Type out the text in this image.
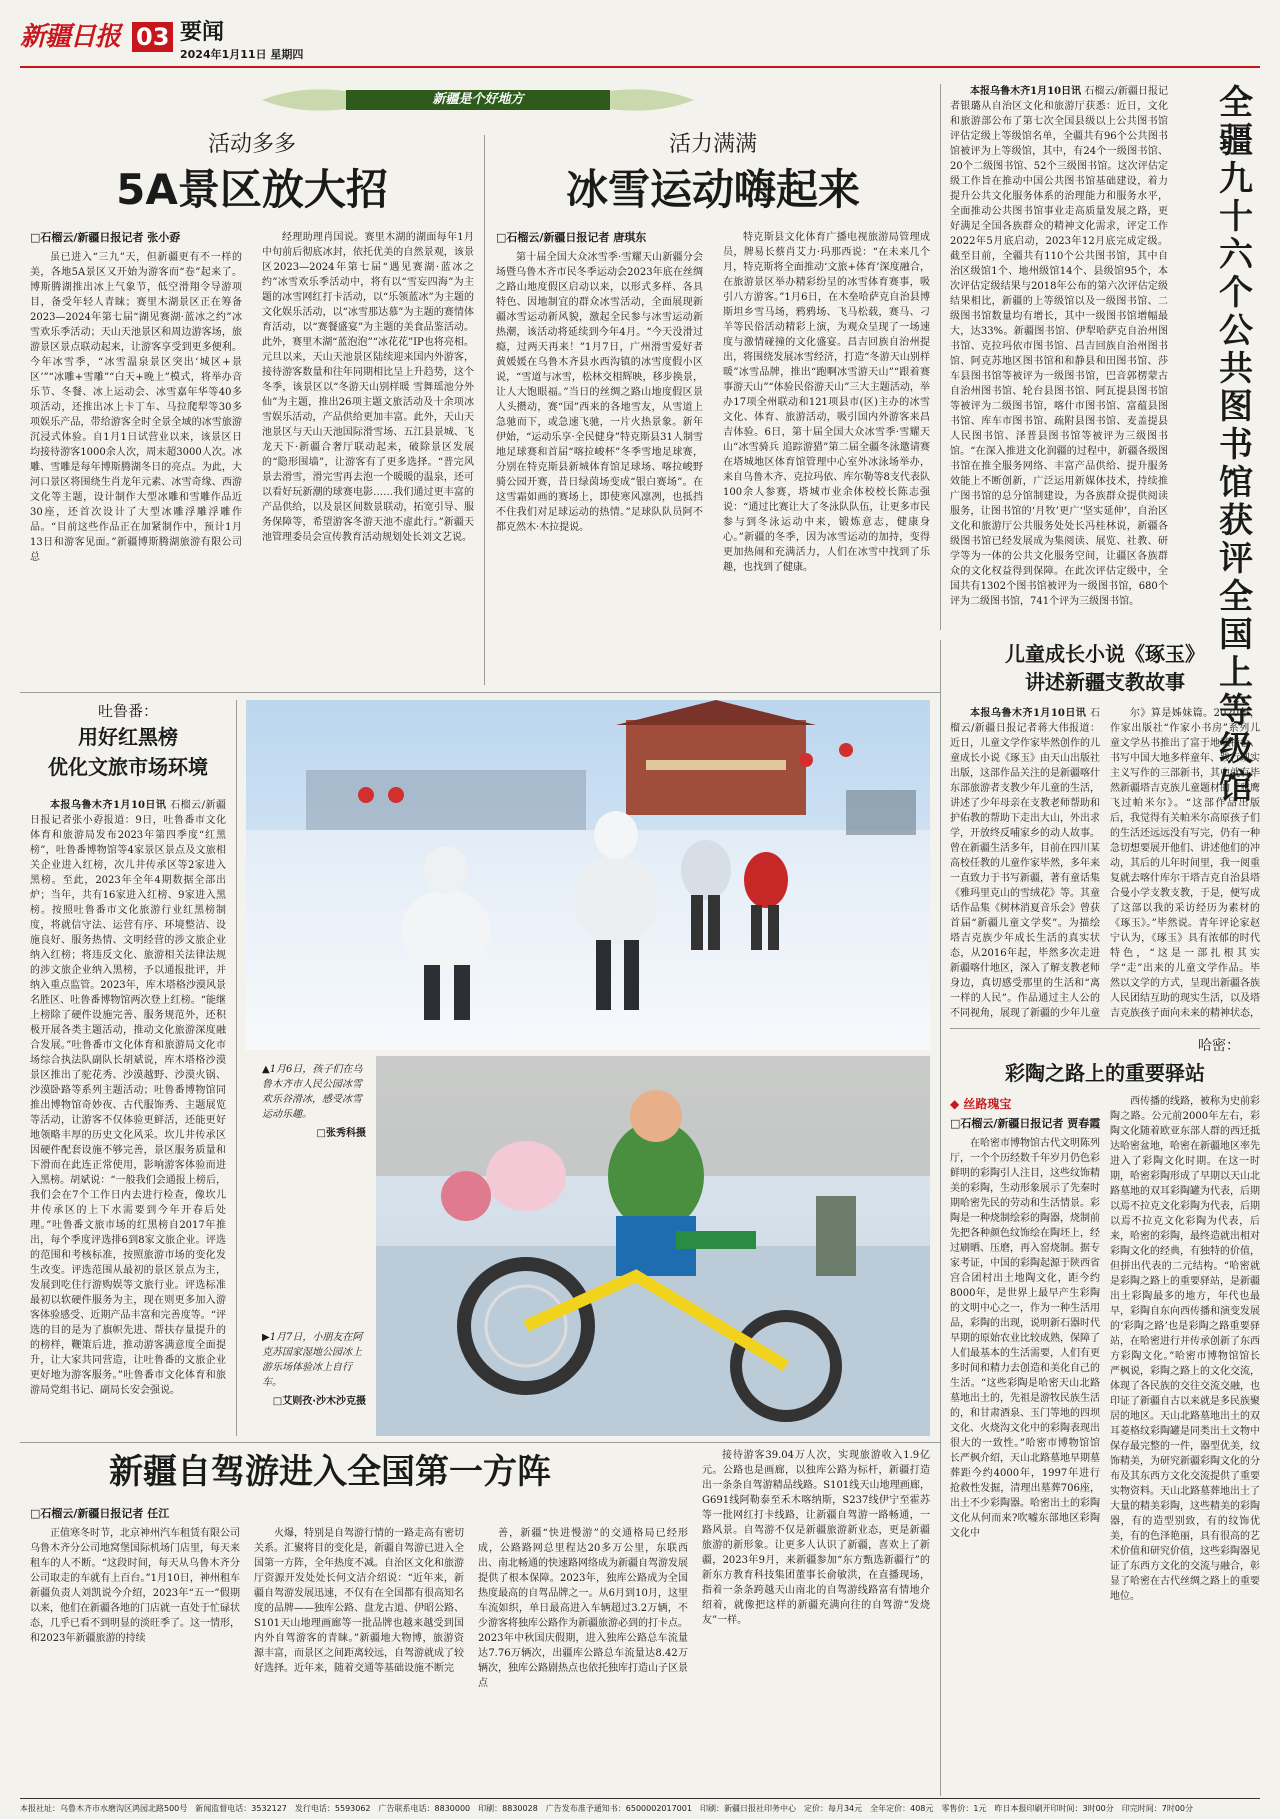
新疆日报 03 要闻
2024年1月11日 星期四
新疆是个好地方
活动多多
5A景区放大招
□石榴云/新疆日报记者 张小孬

虽已进入“三九”天，但新疆更有不一样的美，各地5A景区又开始为游客而“卷”起来了。博斯腾湖推出冰上气象节，低空滑翔令导游项目，备受年轻人青睐；赛里木湖景区正在筹备2023—2024年第七届“湖见赛湖·蓝冰之约”冰雪欢乐季活动；天山天池景区和周边游客场，旅游景区景点联动起来，让游客享受到更多便利。今年冰雪季，“冰雪温泉景区突出‘城区+景区’”“冰雕+雪雕”“白天+晚上”模式，将举办音乐节、冬餐、冰上运动会、冰雪嘉年华等40多项活动，还推出冰上卡丁车、马拉爬犁等30多项娱乐产品，带给游客全时全景全域的冰雪旅游沉浸式体验。自1月1日试营业以来，该景区日均接待游客1000余人次，周末超3000人次。冰雕、雪雕是每年博斯腾湖冬日的亮点。为此，大河口景区将围绕生肖龙年元素、冰雪奇缘、西游文化等主题，设计制作大型冰雕和雪雕作品近30座，还首次设计了大型冰雕浮雕浮雕作品。“目前这些作品正在加紧制作中，预计1月13日和游客见面。”新疆博斯腾湖旅游有限公司总

经理助理肖国说。赛里木湖的湖面每年1月中旬前后彻底冰封，依托优美的自然景观，该景区2023—2024年第七届“遇见赛湖·蓝冰之约”冰雪欢乐季活动中，将有以“雪妄四海”为主题的冰雪网红打卡活动，以“乐领蓝冰”为主题的文化娱乐活动，以“冰雪那达慕”为主题的赛情体育活动，以“赛餐盛宴”为主题的美食品鉴活动。此外，赛里木湖“蓝泡泡”“冰花花”IP也将亮相。元旦以来，天山天池景区陆续迎来国内外游客，接待游客数量和往年同期相比呈上升趋势，这个冬季，该景区以“冬游天山别样暖 雪舞瑶池分外仙”为主题，推出26项主题文旅活动及十余项冰雪娱乐活动，产品供给更加丰富。此外，天山天池景区与天山天池国际滑雪场、五江县景城、飞龙天下·新疆合奢厅联动起来，破除景区发展的“隐形围墙”，让游客有了更多选择。“普完风景去滑雪，滑完雪再去泡一个暖暖的温泉，还可以看好玩新潮的球赛电影……我们通过更丰富的产品供给，以及景区间数景联动，拓宽引导、服务保障等，希望游客冬游天池不虚此行。”新疆天池管理委员会宣传教育活动规划处长刘文艺说。

活力满满
冰雪运动嗨起来
□石榴云/新疆日报记者 唐琪东

第十届全国大众冰雪季·雪耀天山新疆分会场暨乌鲁木齐市民冬季运动会2023年底在丝绸之路山地度假区启动以来，以形式多样、各具特色、因地制宜的群众冰雪活动，全面展现新疆冰雪运动新风貌，激起全民参与冰雪运动新热潮，该活动将延续到今年4月。“今天没滑过瘾，过两天再来！”1月7日，广州滑雪爱好者黄媛媛在乌鲁木齐县水西沟镇的冰雪度假小区说，“雪道与冰雪，松林交相辉映，移步换景，让人大饱眼福。”当日的丝绸之路山地度假区景人头攒动，赛“国”西来的各地雪友，从雪道上急驰而下，或急速飞驰，一片火热景象。新年伊始，“运动乐享·全民健身”特克斯县31人制雪地足球赛和首届“喀拉峻杯”冬季雪地足球赛，分别在特克斯县新城体育馆足球场、喀拉峻野骑公园开赛，昔日绿茵场变成“银白赛场”。在这雪霜如画的赛场上，即使寒风凛冽，也抵挡不住我们对足球运动的热情。”足球队队员阿不都克然木·木拉提说。

特克斯县文化体育广播电视旅游局管理成员，牌易长蔡肖艾力·玛那西说：“在未来几个月，特克斯将全面推动‘文旅+体育’深度融合，在旅游景区举办精彩纷呈的冰雪体育赛事，吸引八方游客。”1月6日，在木垒哈萨克自治县博斯坦乡雪马场，鸦鸦场、飞马松载，赛马、刁羊等民俗活动精彩上演，为观众呈现了一场速度与激情碰撞的文化盛宴。昌吉回族自治州提出，将围绕发展冰雪经济，打造“冬游天山别样暖”冰雪品牌，推出“跑啊冰雪游天山”“跟着赛事游天山”“体验民俗游天山”三大主题活动，举办17项全州联动和121项县市(区)主办的冰雪文化、体育、旅游活动，吸引国内外游客来昌吉体验。6日，第十届全国大众冰雪季·雪耀天山“冰雪骑兵 追踪游猎”第二届全疆冬泳邀请赛在塔城地区体育馆管理中心室外冰泳场举办，来自乌鲁木齐、克拉玛依、库尔勒等8支代表队100余人参赛，塔城市业余体校校长陈志强说：“通过比赛让大了冬泳队队伍，让更多市民参与到冬泳运动中来，锻炼意志，健康身心。”新疆的冬季，因为冰雪运动的加持，变得更加热闹和充满活力，人们在冰雪中找到了乐趣，也找到了健康。

本报乌鲁木齐1月10日讯 石榴云/新疆日报记者银璐从自治区文化和旅游厅获悉：近日，文化和旅游部公布了第七次全国县级以上公共图书馆评估定级上等级馆名单，全疆共有96个公共图书馆被评为上等级馆，其中，有24个一级图书馆、20个二级图书馆、52个三级图书馆。这次评估定级工作旨在推动中国公共图书馆基础建设，着力提升公共文化服务体系的治理能力和服务水平，全面推动公共图书馆事业走高质量发展之路，更好满足全国各族群众的精神文化需求，评定工作2022年5月底启动，2023年12月底完成定级。截至目前，全疆共有110个公共图书馆，其中自治区级馆1个、地州级馆14个、县级馆95个，本次评估定级结果与2018年公布的第六次评估定级结果相比，新疆的上等级馆以及一级图书馆、二级图书馆数量均有增长，其中一级图书馆增幅最大，达33%。新疆图书馆、伊犁哈萨克自治州图书馆、克拉玛依市图书馆、昌吉回族自治州图书馆、阿克苏地区图书馆和和静县和田图书馆、莎车县图书馆等被评为一级图书馆，巴音郭楞蒙古自治州图书馆、轮台县图书馆、阿瓦提县图书馆等被评为二级图书馆，喀什市图书馆、富蕴县图书馆、库车市图书馆、疏附县图书馆、麦盖提县人民图书馆、泽普县图书馆等被评为三级图书馆。“在深入推进文化润疆的过程中，新疆各级图书馆在推全服务网络、丰富产品供给、提升服务效能上不断创新，广泛运用新媒体技术，持续推广图书馆的总分馆制建设，为各族群众提供阅读服务，让图书馆的‘月牧’更广‘坚实延伸’，自治区文化和旅游厅公共服务处处长冯桂林说，新疆各级图书馆已经发展成为集阅读、展览、社教、研学等为一体的公共文化服务空间，让疆区各族群众的文化权益得到保障。在此次评估定级中，全国共有1302个图书馆被评为一级图书馆，680个评为二级图书馆，741个评为三级图书馆。

全疆九十六个公共图书馆获评全国上等级馆
吐鲁番：
用好红黑榜
优化文旅市场环境

本报乌鲁木齐1月10日讯 石榴云/新疆日报记者张小孬报道：9日，吐鲁番市文化体育和旅游局发布2023年第四季度“红黑榜”，吐鲁番博物馆等4家景区景点及文旅相关企业进入红榜，次儿井传承区等2家进入黑榜。至此，2023年全年4期数据全部出炉；当年，共有16家进入红榜、9家进入黑榜。按照吐鲁番市文化旅游行业红黑榜制度，将就信守法、运营有序、环境整洁、设施良好、服务热情、文明经营的涉文旅企业纳入红榜；将违反文化、旅游相关法律法规的涉文旅企业纳入黑榜，予以通报批评，并纳入重点监管。2023年，库木塔格沙漠风景名胜区、吐鲁番博物馆两次登上红榜。“能继上榜除了硬件设施完善、服务规范外，还积极开展各类主题活动，推动文化旅游深度融合发展。”吐鲁番市文化体育和旅游局文化市场综合执法队副队长胡斌说，库木塔格沙漠景区推出了驼花秀、沙漠越野、沙漠火锅、沙漠卧路等系列主题活动；吐鲁番博物馆同推出博物馆奇妙夜、古代服饰秀、主题展览等活动，让游客不仅体验更鲜活，还能更好地领略丰厚的历史文化风采。坎儿井传承区因硬件配套设施不够完善，景区服务质量和下滑而在此连正常使用，影响游客体验而进入黑榜。胡斌说：“一般我们会通报上榜后，我们会在7个工作日内去进行检查，像坎儿井传承区的上下水需要到今年开春后处理。”吐鲁番文旅市场的红黑榜自2017年推出，每个季度评选排6到8家文旅企业。评选的范围和考核标准，按照旅游市场的变化发生改变。评选范围从最初的景区景点为主，发展到吃住行游购娱等文旅行业。评选标准最初以软硬件服务为主，现在则更多加入游客体验感受、近期产品丰富和完善度等。“评选的目的是为了旗帜先进、帮扶存量提升的的榜样，鞭策后进，推动游客满意度全面提升，让大家共同营造，让吐鲁番的文旅企业更好地为游客服务。”吐鲁番市文化体育和旅游局党组书记、副局长安会强说。

▲1月6日，孩子们在乌鲁木齐市人民公园冰雪欢乐谷滑冰，感受冰雪运动乐趣。
□张秀科摄
▶1月7日，小朋友在阿克苏国家湿地公园冰上游乐场体验冰上自行车。
□艾则孜·沙木沙克摄
儿童成长小说《琢玉》
讲述新疆支教故事

本报乌鲁木齐1月10日讯 石榴云/新疆日报记者蒋大伟报道：近日，儿童文学作家毕然创作的儿童成长小说《琢玉》由天山出版社出版，这部作品关注的是新疆喀什东部旅游者支教少年儿童的生活，讲述了少年母亲在支教老师帮助和护佑教的帮助下走出大山，外出求学，开放终反哺家乡的动人故事。曾在新疆生活多年，目前在四川某高校任教的儿童作家毕然，多年来一直致力于书写新疆，著有童话集《雅玛里克山的雪绒花》等。其童话作品集《树林消夏音乐会》曾获首届“新疆儿童文学奖”。为描绘塔吉克族少年成长生活的真实状态，从2016年起，毕然多次走进新疆喀什地区，深入了解支教老师身边，真切感受那里的生活和“离一样的人民”。作品通过主人公的不同视角，展现了新疆的少年儿童

尔》算是姊妹篇。2020年，作家出版社“作家小书房”系列儿童文学丛书推出了富于地域特色、书写中国大地多样童年、践行现实主义写作的三部新书，其中就有毕然新疆塔吉克族儿童题材的《雅鹰飞过帕米尔》。“这部作品出版后，我觉得有关帕米尔高原孩子们的生活还远远没有写完，仍有一种急切想要展开他们、讲述他们的冲动，其后的儿年时间里，我一阅重复就去喀什库尔干塔吉克自治县塔合曼小学支教支教，于是，便写成了这部以我的采访经历为素材的《琢玉》。”毕然说。青年评论家赵宁认为，《琢玉》具有浓郁的时代特色，“这是一部扎根其实学“走”出来的儿童文学作品。毕然以文学的方式，呈现出新疆各族人民团结互助的现实生活，以及塔吉克族孩子面向未来的精神状态，

哈密：
彩陶之路上的重要驿站
◆ 丝路瑰宝
□石榴云/新疆日报记者 贾春霞

在哈密市博物馆古代文明陈列厅，一个个历经数千年岁月仍色彩鲜明的彩陶引人注目，这些纹饰精美的彩陶，生动形象展示了先秦时期哈密先民的劳动和生活情景。彩陶是一种烧制绘彩的陶器，烧制前先把各种颜色纹饰绘在陶坯上，经过刷晒、压磨，再入窑烧制。据专家考证，中国的彩陶起源于陕西省宫合团村出土地陶文化，距今约8000年，是世界上最早产生彩陶的文明中心之一，作为一种生活用品，彩陶的出现，说明新石器时代早期的原始农业比较成熟，保障了人们最基本的生活需要，人们有更多时间和精力去创造和美化自己的生活。“这些彩陶是哈密天山北路墓地出土的，先祖是游牧民族生活的，和甘肃酒泉、玉门等地的四坝文化、火烧沟文化中的彩陶表现出很大的一致性。”哈密市博物馆馆长严枫介绍，天山北路墓地早期墓葬距今约4000年，1997年进行抢救性发掘，清理出墓葬706座，出土不少彩陶器。哈密出土的彩陶文化从何而来?吹嘘东部地区彩陶文化中

西传播的线路，被称为史前彩陶之路。公元前2000年左右，彩陶文化随着欧亚东部人群的西迁抵达哈密盆地，哈密在新疆地区率先进入了彩陶文化时期。在这一时期，哈密彩陶形成了早期以天山北路墓地的双耳彩陶罐为代表，后期以焉不拉克文化彩陶为代表，后期以焉不拉克文化彩陶为代表，后来，哈密的彩陶，最终造就出相对彩陶文化的经典，有独特的价值，但拼出代表的二元结构。“哈密就是彩陶之路上的重要驿站，是新疆出土彩陶最多的地方，年代也最早，彩陶自东向西传播和演变发展的‘彩陶之路’也是彩陶之路重要驿站，在哈密进行并传承创新了东西方彩陶文化。”哈密市博物馆馆长严枫说，彩陶之路上的文化交流，体现了各民族的交往交流交融，也印证了新疆自古以来就是多民族聚居的地区。天山北路墓地出土的双耳菱格纹彩陶罐是同类出土文物中保存最完整的一件，器型优美，纹饰精美，为研究新疆彩陶文化的分布及其东西方文化交流提供了重要实物资料。天山北路墓葬地出土了大量的精美彩陶，这些精美的彩陶器，有的造型别致，有的纹饰优美，有的色泽艳丽，具有很高的艺术价值和研究价值，这些彩陶器见证了东西方文化的交流与融合，彰显了哈密在古代丝绸之路上的重要地位。

新疆自驾游进入全国第一方阵
□石榴云/新疆日报记者 任江

正值寒冬时节，北京神州汽车租赁有限公司乌鲁木齐分公司地窝堡国际机场门店里，每天来租车的人不断。“这段时间，每天从乌鲁木齐分公司取走的车就有上百台。”1月10日，神州租车新疆负责人刘凯说今介绍，2023年“五一”假期以来，他们在新疆各地的门店就一直处于忙碌状态，几乎已看不到明显的淡旺季了。这一情形，和2023年新疆旅游的持续

火爆，特别是自驾游行情的一路走高有密切关系。汇聚将目的变化是，新疆自驾游已进入全国第一方阵，全年热度不减。自治区文化和旅游厅资源开发处处长何文洁介绍说：“近年来，新疆自驾游发展迅速，不仅有在全国都有很高知名度的品牌——独库公路、盘龙古道、伊昭公路、S101天山地理画廊等一批品牌也越来越受到国内外自驾游客的青睐。”新疆地大物博，旅游资源丰富，而景区之间距离较远，自驾游就成了较好选择。近年来，随着交通等基础设施不断完

善，新疆“快进慢游”的交通格局已经形成，公路路网总里程达20多万公里，东联西出、南北畅通的快速路网络成为新疆自驾游发展提供了根本保障。2023年，独库公路成为全国热度最高的自驾品牌之一。从6月到10月，这里车流如织，单日最高进入车辆超过3.2万辆，不少游客将独库公路作为新疆旅游必到的打卡点。2023年中秋国庆假期，进入独库公路总车流量达7.76万辆次，出疆库公路总车流量达8.42万辆次，独库公路剧热点也依托独库打造山子区景点

接待游客39.04万人次，实现旅游收入1.9亿元。公路也是画廊，以独库公路为标杆，新疆打造出一条条自驾游精品线路。S101线天山地理画廊，G691线阿勒泰至禾木喀纳斯，S237线伊宁至霍苏等一批网红打卡线路，让新疆自驾游一路畅通，一路风景。自驾游不仅是新疆旅游新业态，更是新疆旅游的新形象。让更多人认识了新疆，喜欢上了新疆，2023年9月，来新疆参加“东方甄选新疆行”的新东方教育科技集团董事长俞敏洪，在直播现场，指着一条条跨越天山南北的自驾游线路富有情地介绍着，就像把这样的新疆充满向往的自驾游“发烧友”一样。

本报社址：乌鲁木齐市水磨沟区鸿园北路500号　新闻监督电话：3532127　发行电话：5593062　广告联系电话：8830000　印刷：8830028　广告发布准予通知书：6500002017001　印刷：新疆日报社印务中心　定价：每月34元　全年定价：408元　零售价：1元　昨日本报印刷开印时间：3时00分　印完时间：7时00分
